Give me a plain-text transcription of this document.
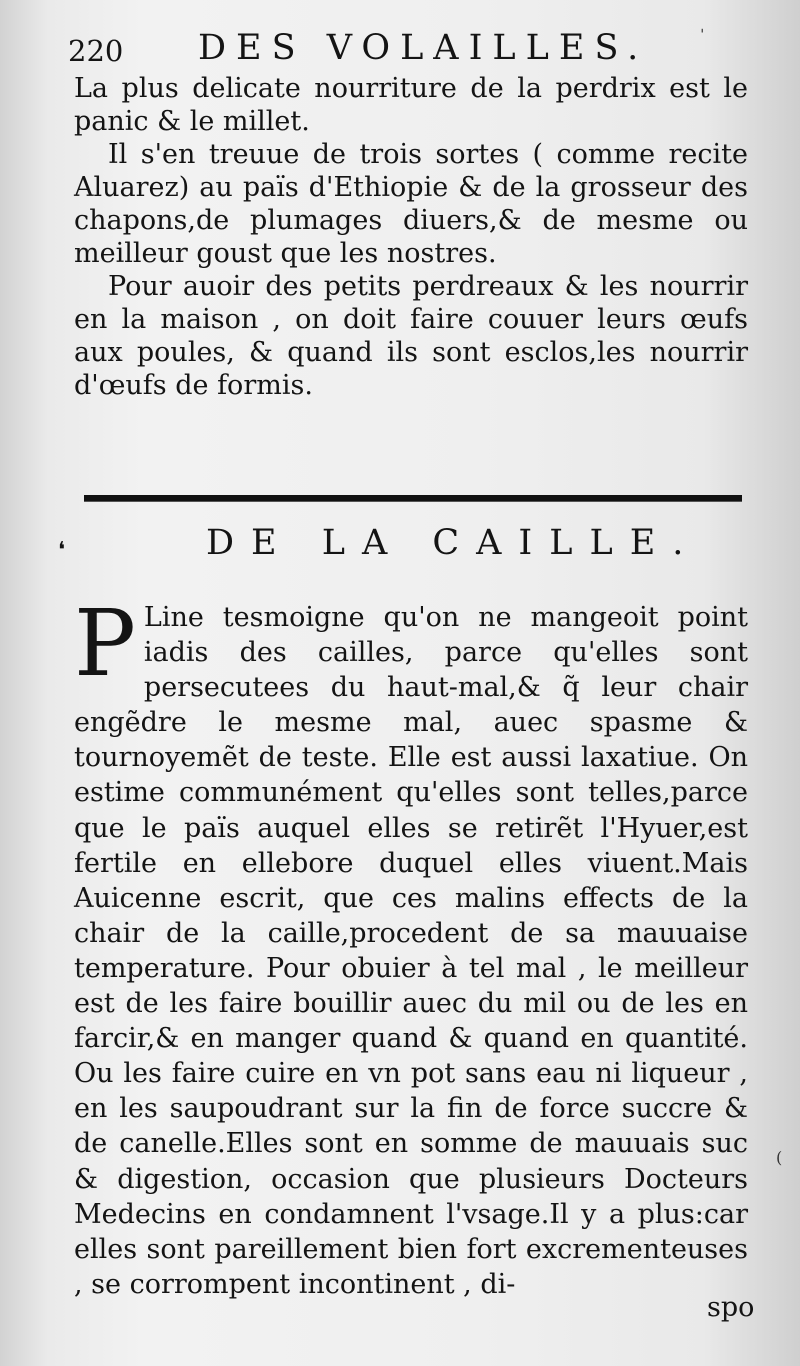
220 DES VOLAILLES.

La plus delicate nourriture de la perdrix est le panic & le millet.

Il s'en treuue de trois sortes ( comme recite Aluarez) au païs d'Ethiopie & de la grosseur des chapons,de plumages diuers,& de mesme ou meilleur goust que les nostres.

Pour auoir des petits perdreaux & les nourrir en la maison , on doit faire couuer leurs œufs aux poules, & quand ils sont esclos,les nourrir d'œufs de formis.

❛	DE LA CAILLE.
P Line tesmoigne qu'on ne mangeoit point iadis des cailles, parce qu'elles sont persecutees du haut-mal,& q̃ leur chair engẽdre le mesme mal, auec spasme & tournoyemẽt de teste. Elle est aussi laxatiue. On estime communément qu'elles sont telles,parce que le païs auquel elles se retirẽt l'Hyuer,est fertile en ellebore duquel elles viuent.Mais Auicenne escrit, que ces malins effects de la chair de la caille,procedent de sa mauuaise temperature. Pour obuier à tel mal , le meilleur est de les faire bouillir auec du mil ou de les en farcir,& en manger quand & quand en quantité. Ou les faire cuire en vn pot sans eau ni liqueur , en les saupoudrant sur la fin de force succre & de canelle.Elles sont en somme de mauuais suc & digestion, occasion que plusieurs Docteurs Medecins en condamnent l'vsage.Il y a plus:car elles sont pareillement bien fort excrementeuses , se corrompent incontinent , di-
spo
ˈ
(
